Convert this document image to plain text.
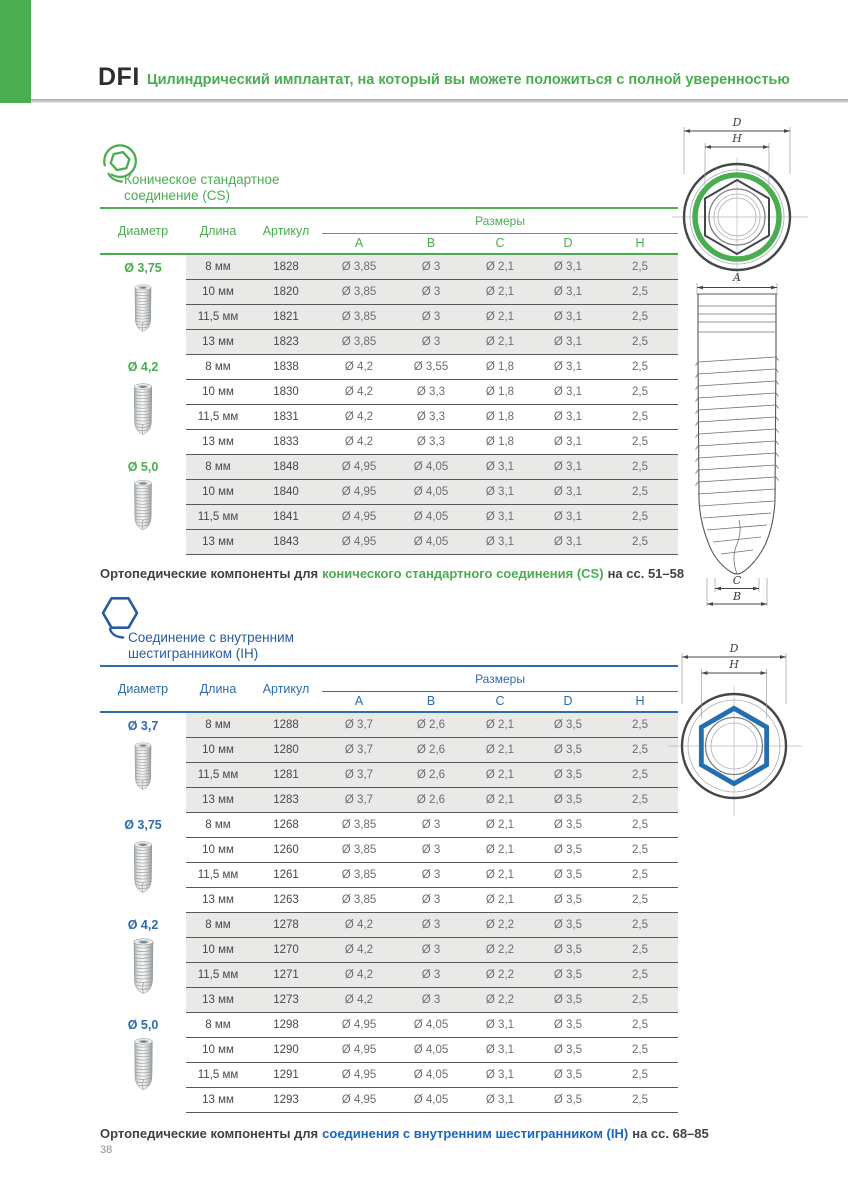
DFI Цилиндрический имплантат, на который вы можете положиться с полной уверенностью
Коническое стандартное
соединение (CS)
Диаметр	Длина	Артикул	Размеры				
			A	B	C	D	H

Ø 3,75	8 мм	1828	Ø 3,85	Ø 3	Ø 2,1	Ø 3,1	2,5
	10 мм	1820	Ø 3,85	Ø 3	Ø 2,1	Ø 3,1	2,5
	11,5 мм	1821	Ø 3,85	Ø 3	Ø 2,1	Ø 3,1	2,5
	13 мм	1823	Ø 3,85	Ø 3	Ø 2,1	Ø 3,1	2,5

Ø 4,2	8 мм	1838	Ø 4,2	Ø 3,55	Ø 1,8	Ø 3,1	2,5
	10 мм	1830	Ø 4,2	Ø 3,3	Ø 1,8	Ø 3,1	2,5
	11,5 мм	1831	Ø 4,2	Ø 3,3	Ø 1,8	Ø 3,1	2,5
	13 мм	1833	Ø 4,2	Ø 3,3	Ø 1,8	Ø 3,1	2,5

Ø 5,0	8 мм	1848	Ø 4,95	Ø 4,05	Ø 3,1	Ø 3,1	2,5
	10 мм	1840	Ø 4,95	Ø 4,05	Ø 3,1	Ø 3,1	2,5
	11,5 мм	1841	Ø 4,95	Ø 4,05	Ø 3,1	Ø 3,1	2,5
	13 мм	1843	Ø 4,95	Ø 4,05	Ø 3,1	Ø 3,1	2,5

Ортопедические компоненты для конического стандартного соединения (CS) на сс. 51–58

Соединение с внутренним
шестигранником (IH)
Диаметр	Длина	Артикул	Размеры				
			A	B	C	D	H

Ø 3,7	8 мм	1288	Ø 3,7	Ø 2,6	Ø 2,1	Ø 3,5	2,5
	10 мм	1280	Ø 3,7	Ø 2,6	Ø 2,1	Ø 3,5	2,5
	11,5 мм	1281	Ø 3,7	Ø 2,6	Ø 2,1	Ø 3,5	2,5
	13 мм	1283	Ø 3,7	Ø 2,6	Ø 2,1	Ø 3,5	2,5

Ø 3,75	8 мм	1268	Ø 3,85	Ø 3	Ø 2,1	Ø 3,5	2,5
	10 мм	1260	Ø 3,85	Ø 3	Ø 2,1	Ø 3,5	2,5
	11,5 мм	1261	Ø 3,85	Ø 3	Ø 2,1	Ø 3,5	2,5
	13 мм	1263	Ø 3,85	Ø 3	Ø 2,1	Ø 3,5	2,5

Ø 4,2	8 мм	1278	Ø 4,2	Ø 3	Ø 2,2	Ø 3,5	2,5
	10 мм	1270	Ø 4,2	Ø 3	Ø 2,2	Ø 3,5	2,5
	11,5 мм	1271	Ø 4,2	Ø 3	Ø 2,2	Ø 3,5	2,5
	13 мм	1273	Ø 4,2	Ø 3	Ø 2,2	Ø 3,5	2,5

Ø 5,0	8 мм	1298	Ø 4,95	Ø 4,05	Ø 3,1	Ø 3,5	2,5
	10 мм	1290	Ø 4,95	Ø 4,05	Ø 3,1	Ø 3,5	2,5
	11,5 мм	1291	Ø 4,95	Ø 4,05	Ø 3,1	Ø 3,5	2,5
	13 мм	1293	Ø 4,95	Ø 4,05	Ø 3,1	Ø 3,5	2,5

Ортопедические компоненты для соединения с внутренним шестигранником (IH) на сс. 68–85

D
H
A
C
B
D
H
38
